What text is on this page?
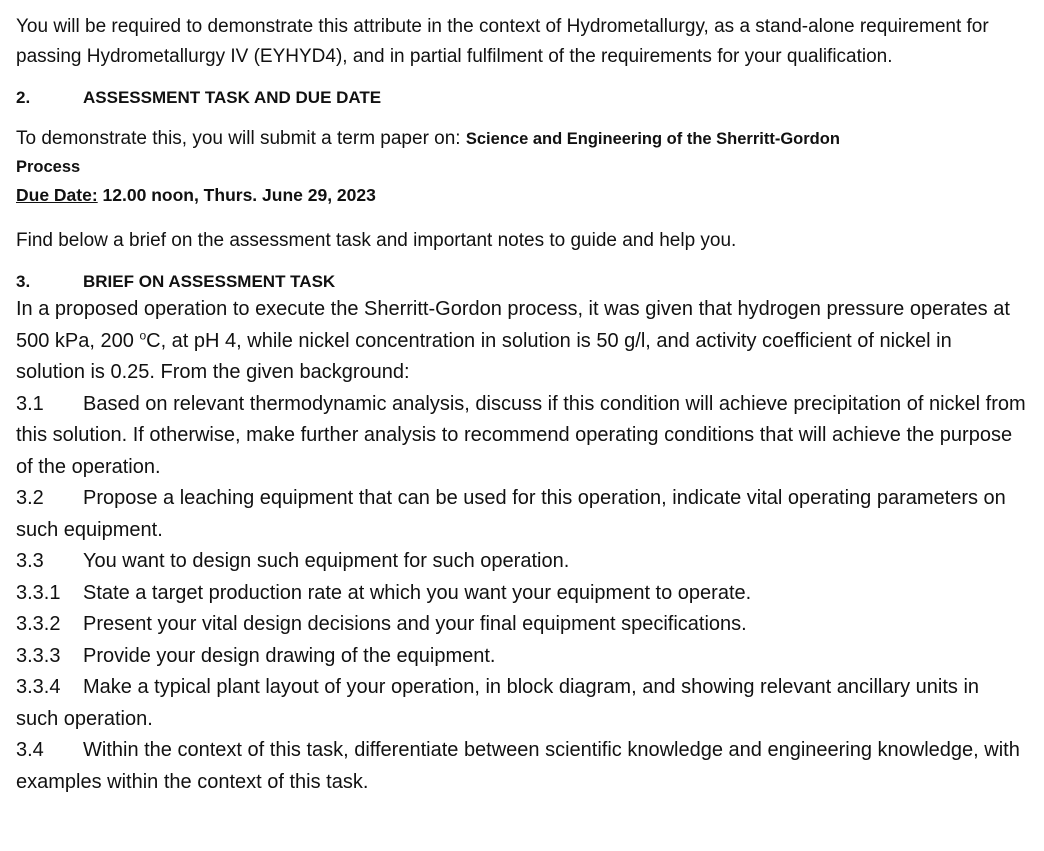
You will be required to demonstrate this attribute in the context of Hydrometallurgy, as a stand-alone requirement for passing Hydrometallurgy IV (EYHYD4), and in partial fulfilment of the requirements for your qualification.

2.	ASSESSMENT TASK AND DUE DATE

To demonstrate this, you will submit a term paper on: Science and Engineering of the Sherritt-Gordon

Process

Due Date: 12.00 noon, Thurs. June 29, 2023

Find below a brief on the assessment task and important notes to guide and help you.

3.	BRIEF ON ASSESSMENT TASK

In a proposed operation to execute the Sherritt-Gordon process, it was given that hydrogen pressure operates at 500 kPa, 200 $^o$C, at pH 4, while nickel concentration in solution is 50 g/l, and activity coefficient of nickel in solution is 0.25. From the given background:

3.1 Based on relevant thermodynamic analysis, discuss if this condition will achieve precipitation of nickel from this solution. If otherwise, make further analysis to recommend operating conditions that will achieve the purpose of the operation.

3.2 Propose a leaching equipment that can be used for this operation, indicate vital operating parameters on such equipment.

3.3 You want to design such equipment for such operation.

3.3.1 State a target production rate at which you want your equipment to operate.

3.3.2 Present your vital design decisions and your final equipment specifications.

3.3.3 Provide your design drawing of the equipment.

3.3.4 Make a typical plant layout of your operation, in block diagram, and showing relevant ancillary units in such operation.

3.4 Within the context of this task, differentiate between scientific knowledge and engineering knowledge, with examples within the context of this task.
